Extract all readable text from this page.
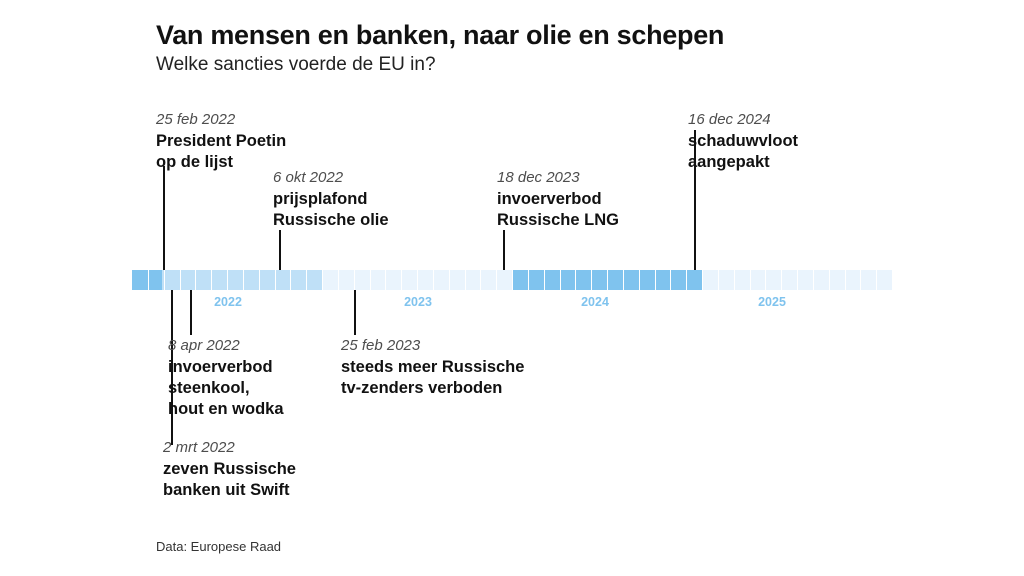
Van mensen en banken, naar olie en schepen
Welke sancties voerde de EU in?
2022	2023	2024	2025
25 feb 2022
President Poetin
op de lijst
6 okt 2022
prijsplafond
Russische olie
18 dec 2023
invoerverbod
Russische LNG
16 dec 2024
schaduwvloot
aangepakt
8 apr 2022
invoerverbod
steenkool,
hout en wodka
25 feb 2023
steeds meer Russische
tv-zenders verboden
2 mrt 2022
zeven Russische
banken uit Swift
Data: Europese Raad
